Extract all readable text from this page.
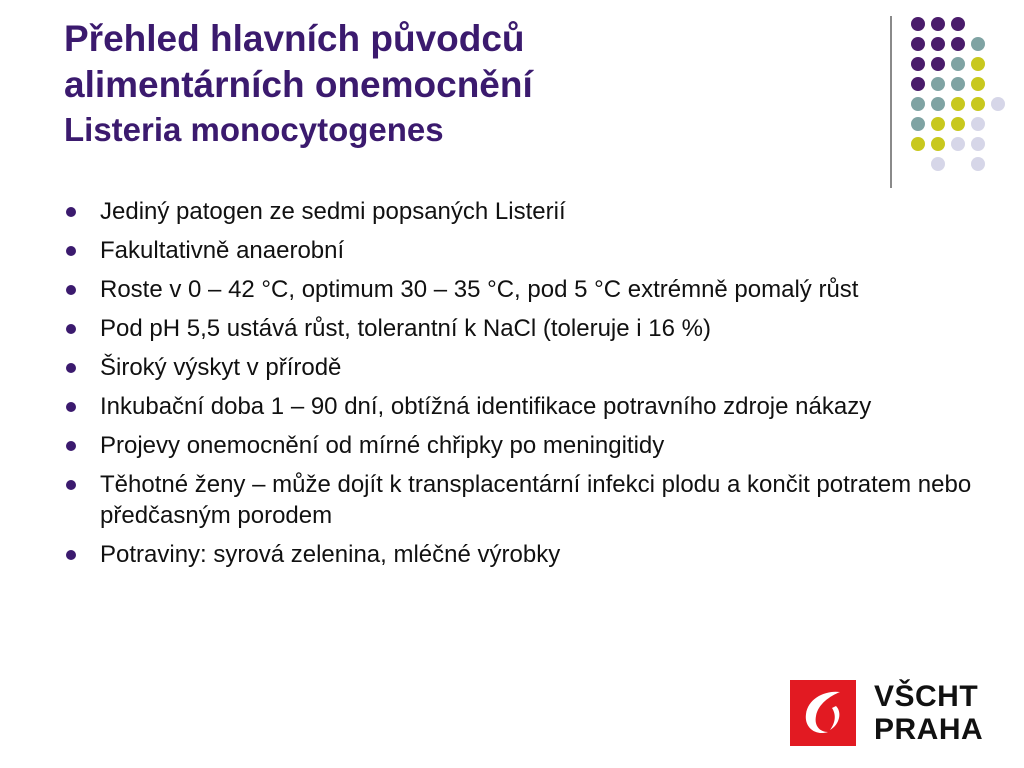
Přehled hlavních původců
alimentárních onemocnění
Listeria monocytogenes
Jediný patogen ze sedmi popsaných Listerií
Fakultativně anaerobní
Roste v 0 – 42 °C, optimum 30 – 35 °C, pod 5 °C extrémně pomalý růst
Pod pH 5,5 ustává růst, tolerantní k NaCl (toleruje i 16 %)
Široký výskyt v přírodě
Inkubační doba 1 – 90 dní, obtížná identifikace potravního zdroje nákazy
Projevy onemocnění od mírné chřipky po meningitidy
Těhotné ženy – může dojít k transplacentární infekci plodu a končit potratem nebo předčasným porodem
Potraviny: syrová zelenina, mléčné výrobky
VŠCHT
PRAHA
